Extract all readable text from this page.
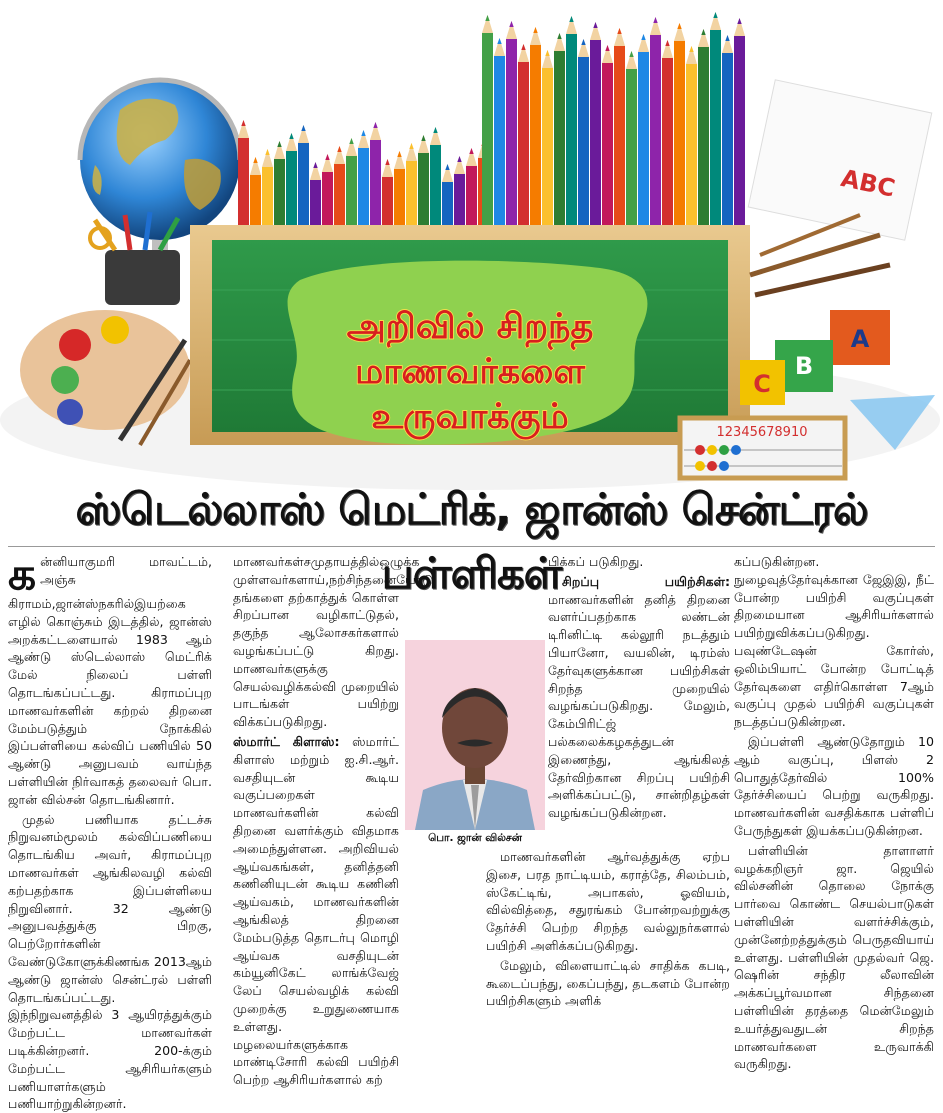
அறிவில் சிறந்த
மாணவர்களை
உருவாக்கும்
ABC
A
B
C
12345678910
ஸ்டெல்லாஸ் மெட்ரிக், ஜான்ஸ் சென்ட்ரல் பள்ளிகள்

கன்னியாகுமரி மாவட்டம், அஞ்சு கிராமம்,ஜான்ஸ்நகரில்இயற்கை எழில் கொஞ்சும் இடத்தில், ஜான்ஸ் அறக்கட்டளையால் 1983 ஆம் ஆண்டு ஸ்டெல்லாஸ் மெட்ரிக் மேல் நிலைப் பள்ளி தொடங்கப்பட்டது. கிராமப்புற மாணவர்களின் கற்றல் திறனை மேம்படுத்தும் நோக்கில் இப்பள்ளியை கல்விப் பணியில் 50 ஆண்டு அனுபவம் வாய்ந்த பள்ளியின் நிர்வாகத் தலைவர் பொ. ஜான் வில்சன் தொடங்கினார்.

முதல் பணியாக தட்டச்சு நிறுவனம்மூலம் கல்விப்பணியை தொடங்கிய அவர், கிராமப்புற மாணவர்கள் ஆங்கிலவழி கல்வி கற்பதற்காக இப்பள்ளியை நிறுவினார். 32 ஆண்டு அனுபவத்துக்கு பிறகு, பெற்றோர்களின் வேண்டுகோளுக்கிணங்க 2013ஆம் ஆண்டு ஜான்ஸ் சென்ட்ரல் பள்ளி தொடங்கப்பட்டது. இந்நிறுவனத்தில் 3 ஆயிரத்துக்கும் மேற்பட்ட மாணவர்கள் படிக்கின்றனர். 200-க்கும் மேற்பட்ட ஆசிரியர்களும் பணியாளர்களும் பணியாற்றுகின்றனர்.

மாணவர்கள்சமுதாயத்தில்ஒழுக்க முள்ளவர்களாய்,நற்சிந்தனையோடு தங்களை தற்காத்துக் கொள்ள சிறப்பான வழிகாட்டுதல், தகுந்த ஆலோசகர்களால் வழங்கப்பட்டு கிறது. மாணவர்களுக்கு செயல்வழிக்கல்வி முறையில் பாடங்கள் பயிற்று விக்கப்படுகிறது.

ஸ்மார்ட் கிளாஸ்: ஸ்மார்ட் கிளாஸ் மற்றும் ஐ.சி.ஆர். வசதியுடன் கூடிய வகுப்பறைகள் மாணவர்களின் கல்வி திறனை வளர்க்கும் விதமாக அமைந்துள்ளன. அறிவியல் ஆய்வகங்கள், தனித்தனி கணினியுடன் கூடிய கணினி ஆய்வகம், மாணவர்களின் ஆங்கிலத் திறனை மேம்படுத்த தொடர்பு மொழி ஆய்வக வசதியுடன் கம்யூனிகேட் லாங்க்வேஜ் லேப் செயல்வழிக் கல்வி முறைக்கு உறுதுணையாக உள்ளது. மழலையர்களுக்காக மாண்டிசோரி கல்வி பயிற்சி பெற்ற ஆசிரியர்களால் கற்

பொ. ஜான் வில்சன்

பிக்கப் படுகிறது.

சிறப்பு பயிற்சிகள்: மாணவர்களின் தனித் திறனை வளர்ப்பதற்காக லண்டன் டிரினிட்டி கல்லூரி நடத்தும் பியானோ, வயலின், டிரம்ஸ் தேர்வுகளுக்கான பயிற்சிகள் சிறந்த முறையில் வழங்கப்படுகிறது. மேலும், கேம்பிரிட்ஜ் பல்கலைக்கழகத்துடன் இணைந்து, ஆங்கிலத் தேர்விற்கான சிறப்பு பயிற்சி அளிக்கப்பட்டு, சான்றிதழ்கள் வழங்கப்படுகின்றன.

மாணவர்களின் ஆர்வத்துக்கு ஏற்ப இசை, பரத நாட்டியம், கராத்தே, சிலம்பம், ஸ்கேட்டிங், அபாகஸ், ஓவியம், வில்வித்தை, சதுரங்கம் போன்றவற்றுக்கு தேர்ச்சி பெற்ற சிறந்த வல்லுநர்களால் பயிற்சி அளிக்கப்படுகிறது.

மேலும், விளையாட்டில் சாதிக்க கபடி, கூடைப்பந்து, கைப்பந்து, தடகளம் போன்ற பயிற்சிகளும் அளிக்

கப்படுகின்றன. நுழைவுத்தேர்வுக்கான ஜேஇஇ, நீட் போன்ற பயிற்சி வகுப்புகள் திறமையான ஆசிரியர்களால் பயிற்றுவிக்கப்படுகிறது. பவுண்டேஷன் கோர்ஸ், ஒலிம்பியாட் போன்ற போட்டித் தேர்வுகளை எதிர்கொள்ள 7ஆம் வகுப்பு முதல் பயிற்சி வகுப்புகள் நடத்தப்படுகின்றன.

இப்பள்ளி ஆண்டுதோறும் 10 ஆம் வகுப்பு, பிளஸ் 2 பொதுத்தேர்வில் 100% தேர்ச்சியைப் பெற்று வருகிறது. மாணவர்களின் வசதிக்காக பள்ளிப் பேருந்துகள் இயக்கப்படுகின்றன.

பள்ளியின் தாளாளர் வழக்கறிஞர் ஜா. ஜெயில் வில்சனின் தொலை நோக்கு பார்வை கொண்ட செயல்பாடுகள் பள்ளியின் வளர்ச்சிக்கும், முன்னேற்றத்துக்கும் பெருதவியாய் உள்ளது. பள்ளியின் முதல்வர் ஜெ. ஷெரின் சந்திர லீலாவின் அக்கப்பூர்வமான சிந்தனை பள்ளியின் தரத்தை மென்மேலும் உயர்த்துவதுடன் சிறந்த மாணவர்களை உருவாக்கி வருகிறது.
